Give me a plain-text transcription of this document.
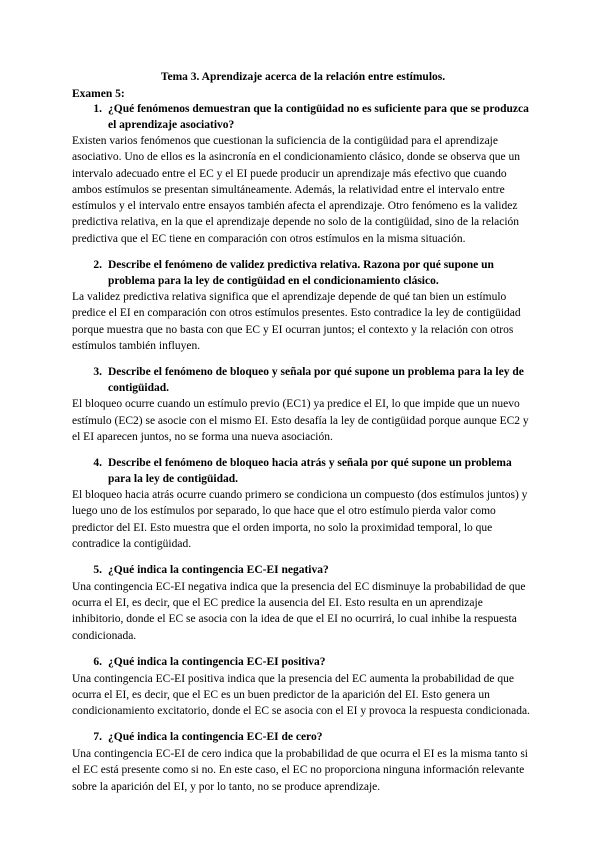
Tema 3. Aprendizaje acerca de la relación entre estímulos.

Examen 5:

1. ¿Qué fenómenos demuestran que la contigüidad no es suficiente para que se produzca el aprendizaje asociativo?

Existen varios fenómenos que cuestionan la suficiencia de la contigüidad para el aprendizaje asociativo. Uno de ellos es la asincronía en el condicionamiento clásico, donde se observa que un intervalo adecuado entre el EC y el EI puede producir un aprendizaje más efectivo que cuando ambos estímulos se presentan simultáneamente. Además, la relatividad entre el intervalo entre estímulos y el intervalo entre ensayos también afecta el aprendizaje. Otro fenómeno es la validez predictiva relativa, en la que el aprendizaje depende no solo de la contigüidad, sino de la relación predictiva que el EC tiene en comparación con otros estímulos en la misma situación.

2. Describe el fenómeno de validez predictiva relativa. Razona por qué supone un problema para la ley de contigüidad en el condicionamiento clásico.

La validez predictiva relativa significa que el aprendizaje depende de qué tan bien un estímulo predice el EI en comparación con otros estímulos presentes. Esto contradice la ley de contigüidad porque muestra que no basta con que EC y EI ocurran juntos; el contexto y la relación con otros estímulos también influyen.

3. Describe el fenómeno de bloqueo y señala por qué supone un problema para la ley de contigüidad.

El bloqueo ocurre cuando un estímulo previo (EC1) ya predice el EI, lo que impide que un nuevo estímulo (EC2) se asocie con el mismo EI. Esto desafía la ley de contigüidad porque aunque EC2 y el EI aparecen juntos, no se forma una nueva asociación.

4. Describe el fenómeno de bloqueo hacia atrás y señala por qué supone un problema para la ley de contigüidad.

El bloqueo hacia atrás ocurre cuando primero se condiciona un compuesto (dos estímulos juntos) y luego uno de los estímulos por separado, lo que hace que el otro estímulo pierda valor como predictor del EI. Esto muestra que el orden importa, no solo la proximidad temporal, lo que contradice la contigüidad.

5. ¿Qué indica la contingencia EC-EI negativa?

Una contingencia EC-EI negativa indica que la presencia del EC disminuye la probabilidad de que ocurra el EI, es decir, que el EC predice la ausencia del EI. Esto resulta en un aprendizaje inhibitorio, donde el EC se asocia con la idea de que el EI no ocurrirá, lo cual inhibe la respuesta condicionada.

6. ¿Qué indica la contingencia EC-EI positiva?

Una contingencia EC-EI positiva indica que la presencia del EC aumenta la probabilidad de que ocurra el EI, es decir, que el EC es un buen predictor de la aparición del EI. Esto genera un condicionamiento excitatorio, donde el EC se asocia con el EI y provoca la respuesta condicionada.

7. ¿Qué indica la contingencia EC-EI de cero?

Una contingencia EC-EI de cero indica que la probabilidad de que ocurra el EI es la misma tanto si el EC está presente como si no. En este caso, el EC no proporciona ninguna información relevante sobre la aparición del EI, y por lo tanto, no se produce aprendizaje.
